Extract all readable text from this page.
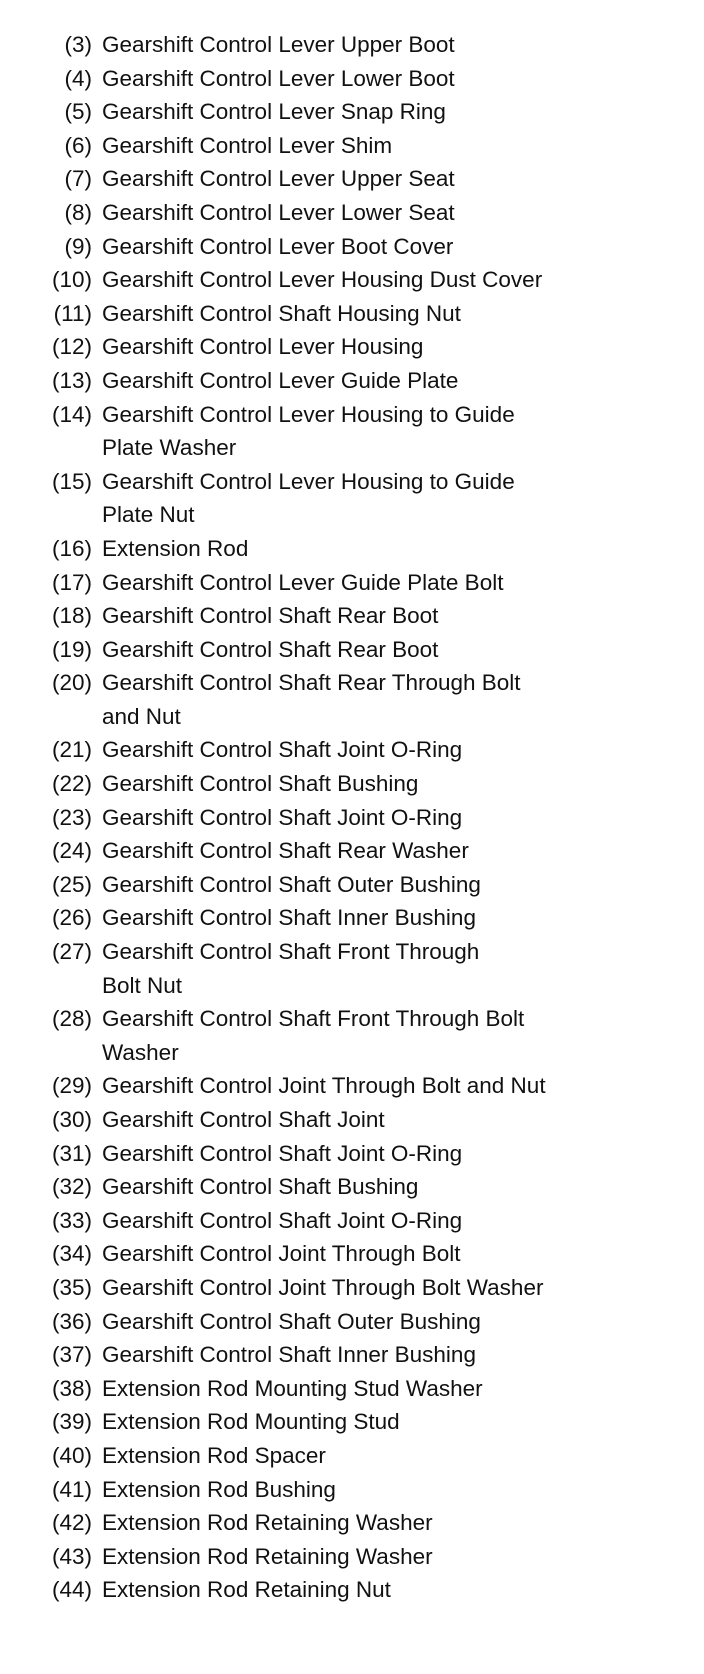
(3) Gearshift Control Lever Upper Boot
(4) Gearshift Control Lever Lower Boot
(5) Gearshift Control Lever Snap Ring
(6) Gearshift Control Lever Shim
(7) Gearshift Control Lever Upper Seat
(8) Gearshift Control Lever Lower Seat
(9) Gearshift Control Lever Boot Cover
(10) Gearshift Control Lever Housing Dust Cover
(11) Gearshift Control Shaft Housing Nut
(12) Gearshift Control Lever Housing
(13) Gearshift Control Lever Guide Plate
(14) Gearshift Control Lever Housing to Guide
Plate Washer
(15) Gearshift Control Lever Housing to Guide
Plate Nut
(16) Extension Rod
(17) Gearshift Control Lever Guide Plate Bolt
(18) Gearshift Control Shaft Rear Boot
(19) Gearshift Control Shaft Rear Boot
(20) Gearshift Control Shaft Rear Through Bolt
and Nut
(21) Gearshift Control Shaft Joint O-Ring
(22) Gearshift Control Shaft Bushing
(23) Gearshift Control Shaft Joint O-Ring
(24) Gearshift Control Shaft Rear Washer
(25) Gearshift Control Shaft Outer Bushing
(26) Gearshift Control Shaft Inner Bushing
(27) Gearshift Control Shaft Front Through
Bolt Nut
(28) Gearshift Control Shaft Front Through Bolt
Washer
(29) Gearshift Control Joint Through Bolt and Nut
(30) Gearshift Control Shaft Joint
(31) Gearshift Control Shaft Joint O-Ring
(32) Gearshift Control Shaft Bushing
(33) Gearshift Control Shaft Joint O-Ring
(34) Gearshift Control Joint Through Bolt
(35) Gearshift Control Joint Through Bolt Washer
(36) Gearshift Control Shaft Outer Bushing
(37) Gearshift Control Shaft Inner Bushing
(38) Extension Rod Mounting Stud Washer
(39) Extension Rod Mounting Stud
(40) Extension Rod Spacer
(41) Extension Rod Bushing
(42) Extension Rod Retaining Washer
(43) Extension Rod Retaining Washer
(44) Extension Rod Retaining Nut
